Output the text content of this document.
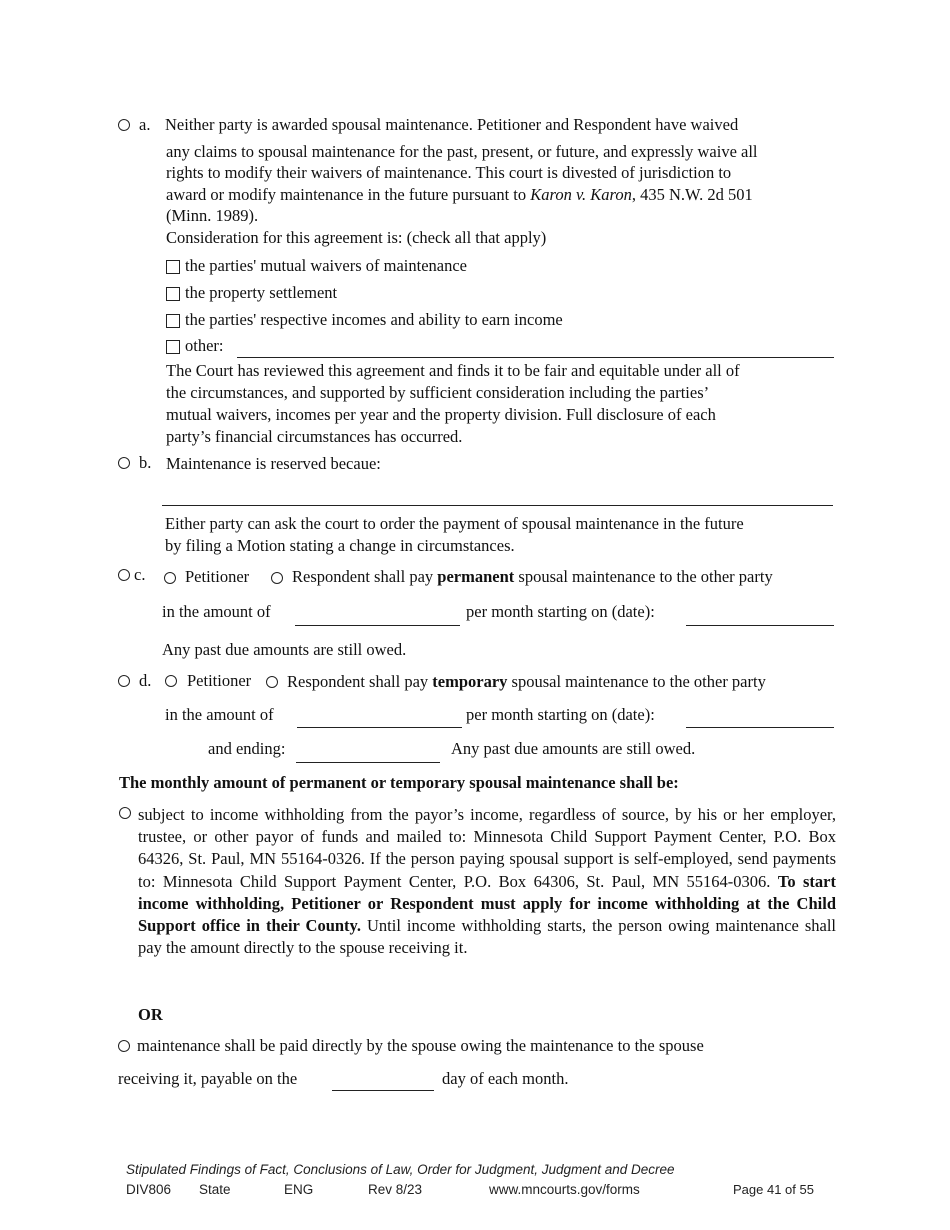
a. Neither party is awarded spousal maintenance. Petitioner and Respondent have waived
any claims to spousal maintenance for the past, present, or future, and expressly waive all
rights to modify their waivers of maintenance. This court is divested of jurisdiction to
award or modify maintenance in the future pursuant to Karon v. Karon, 435 N.W. 2d 501
(Minn. 1989).
Consideration for this agreement is: (check all that apply)
the parties' mutual waivers of maintenance
the property settlement
the parties' respective incomes and ability to earn income
other:
The Court has reviewed this agreement and finds it to be fair and equitable under all of
the circumstances, and supported by sufficient consideration including the parties’
mutual waivers, incomes per year and the property division. Full disclosure of each
party’s financial circumstances has occurred.
b. Maintenance is reserved becaue:
Either party can ask the court to order the payment of spousal maintenance in the future
by filing a Motion stating a change in circumstances.
c. Petitioner	Respondent shall pay permanent spousal maintenance to the other party
in the amount of	per month starting on (date):
Any past due amounts are still owed.
d. Petitioner Respondent shall pay temporary spousal maintenance to the other party
in the amount of	per month starting on (date):
and ending:	Any past due amounts are still owed.
The monthly amount of permanent or temporary spousal maintenance shall be:
subject to income withholding from the payor’s income, regardless of source, by his or her employer, trustee, or other payor of funds and mailed to: Minnesota Child Support Payment Center, P.O. Box 64326, St. Paul, MN 55164-0326. If the person paying spousal support is self-employed, send payments to: Minnesota Child Support Payment Center, P.O. Box 64306, St. Paul, MN 55164-0306. To start income withholding, Petitioner or Respondent must apply for income withholding at the Child Support office in their County. Until income withholding starts, the person owing maintenance shall pay the amount directly to the spouse receiving it.
OR
maintenance shall be paid directly by the spouse owing the maintenance to the spouse
receiving it, payable on the	day of each month.
Stipulated Findings of Fact, Conclusions of Law, Order for Judgment, Judgment and Decree
DIV806 State	ENG	Rev 8/23	www.mncourts.gov/forms	Page 41 of 55
